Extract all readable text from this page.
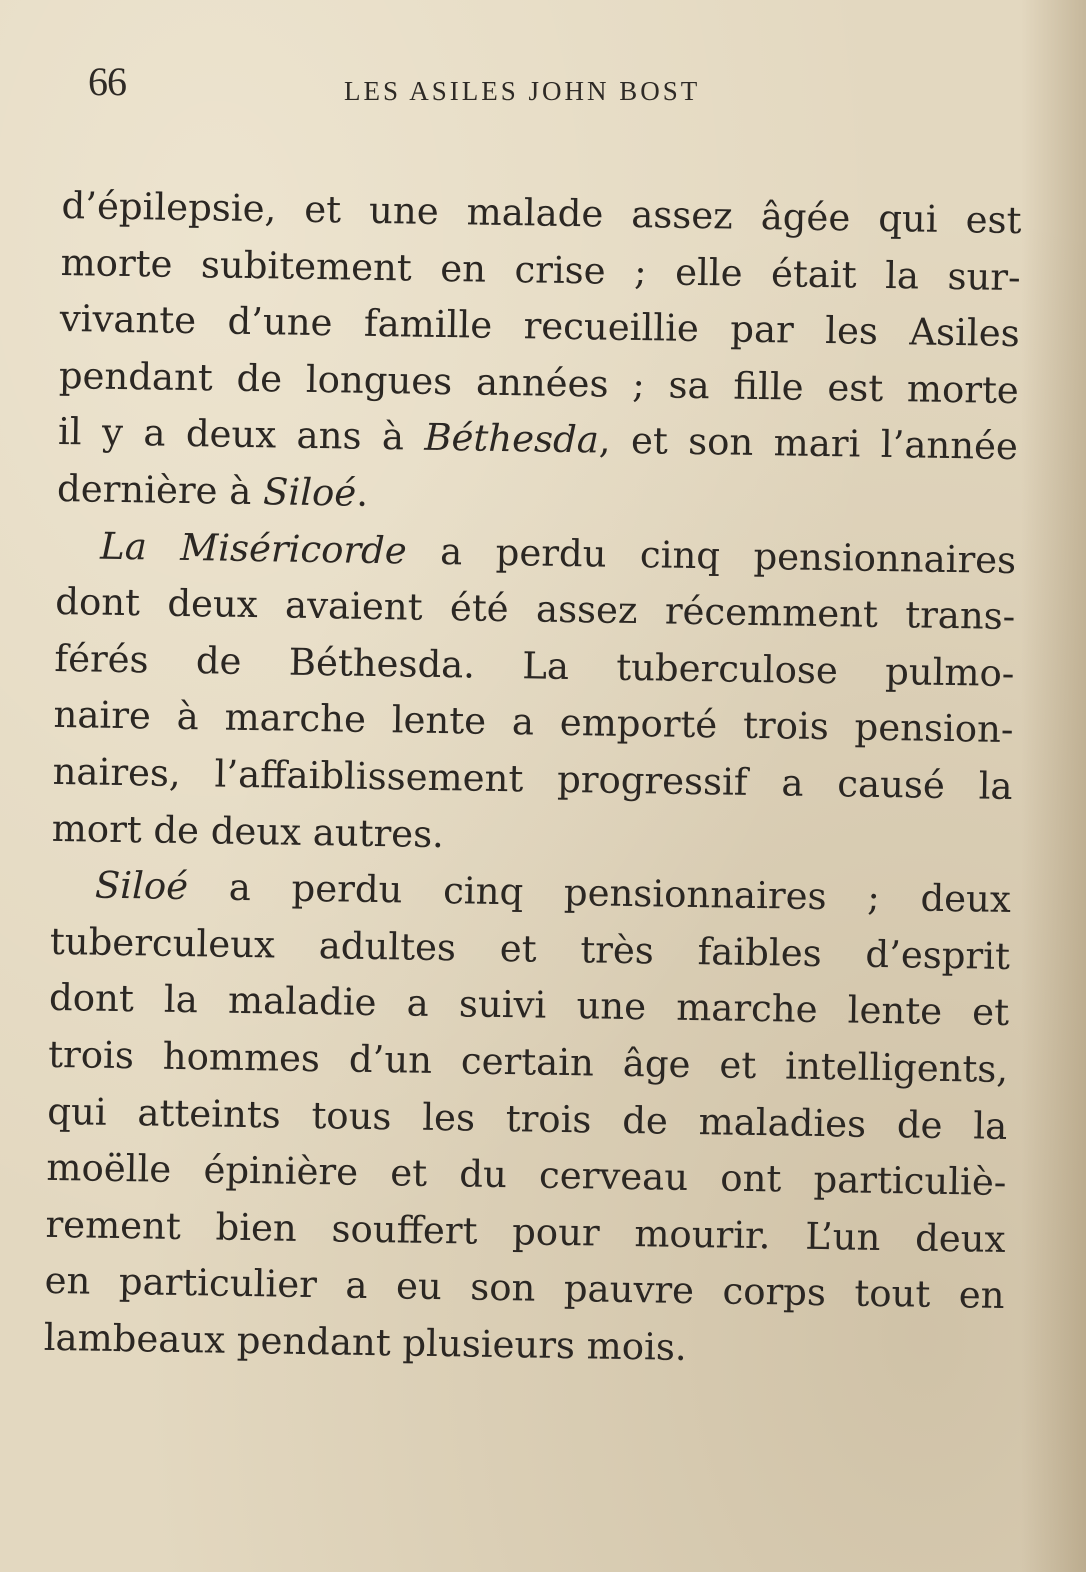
66	LES ASILES JOHN BOST

d’épilepsie, et une malade assez âgée qui est
morte subitement en crise ; elle était la sur-
vivante d’une famille recueillie par les Asiles
pendant de longues années ; sa fille est morte
il y a deux ans à Béthesda, et son mari l’année
dernière à Siloé.

La Miséricorde a perdu cinq pensionnaires
dont deux avaient été assez récemment trans-
férés de Béthesda. La tuberculose pulmo-
naire à marche lente a emporté trois pension-
naires, l’affaiblissement progressif a causé la
mort de deux autres.

Siloé a perdu cinq pensionnaires ; deux
tuberculeux adultes et très faibles d’esprit
dont la maladie a suivi une marche lente et
trois hommes d’un certain âge et intelligents,
qui atteints tous les trois de maladies de la
moëlle épinière et du cerveau ont particuliè-
rement bien souffert pour mourir. L’un deux
en particulier a eu son pauvre corps tout en
lambeaux pendant plusieurs mois.
